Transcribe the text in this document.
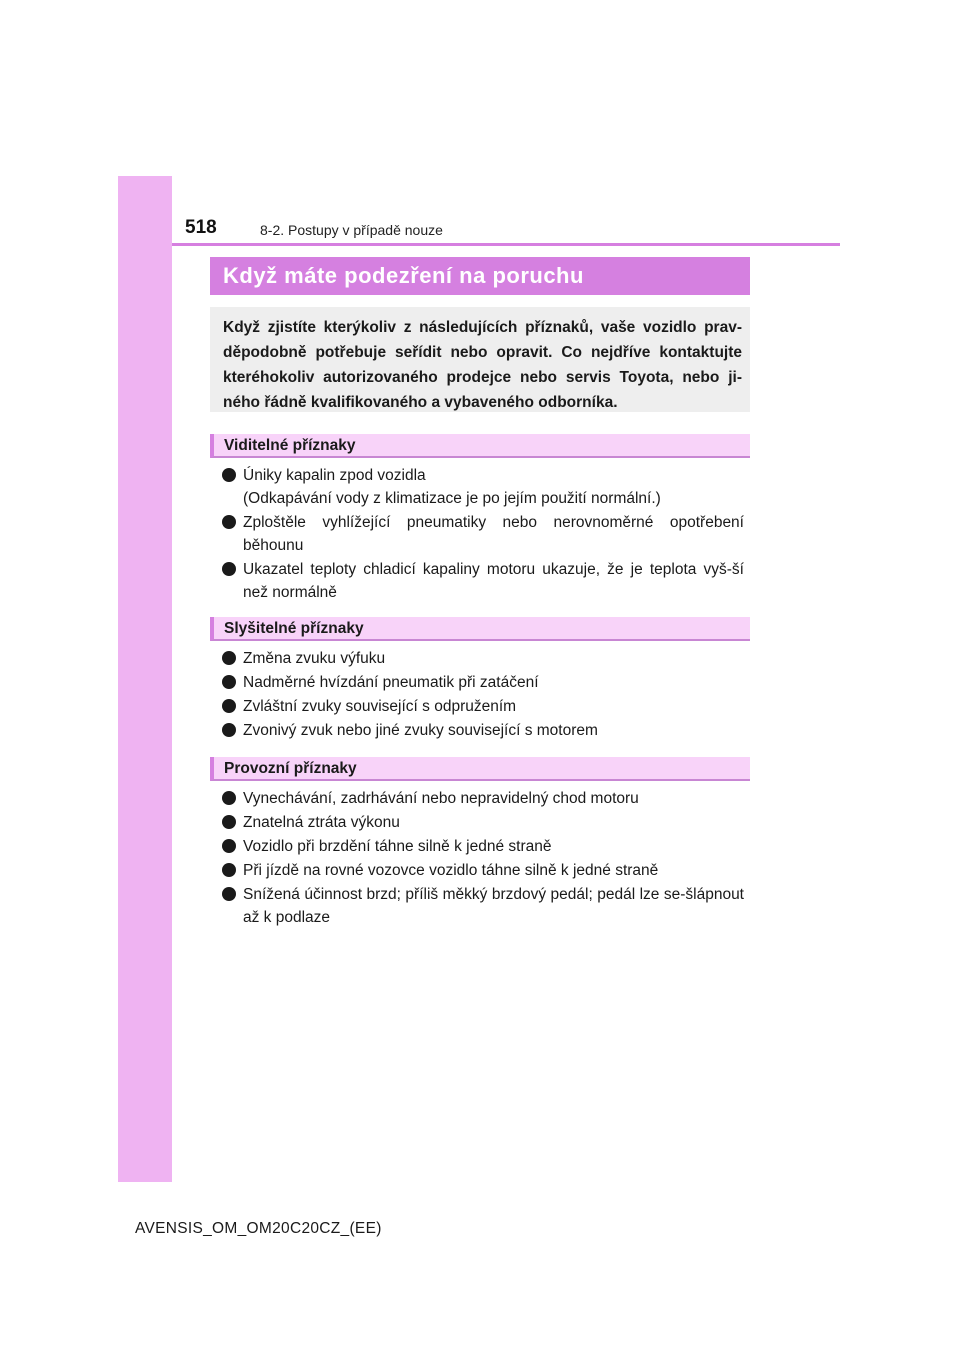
518	8-2. Postupy v případě nouze
Když máte podezření na poruchu
Když zjistíte kterýkoliv z následujících příznaků, vaše vozidlo prav-děpodobně potřebuje seřídit nebo opravit. Co nejdříve kontaktujte kteréhokoliv autorizovaného prodejce nebo servis Toyota, nebo ji-ného řádně kvalifikovaného a vybaveného odborníka.
Viditelné příznaky
Úniky kapalin zpod vozidla
(Odkapávání vody z klimatizace je po jejím použití normální.)
Zploštěle vyhlížející pneumatiky nebo nerovnoměrné opotřebení běhounu
Ukazatel teploty chladicí kapaliny motoru ukazuje, že je teplota vyš-ší než normálně
Slyšitelné příznaky
Změna zvuku výfuku
Nadměrné hvízdání pneumatik při zatáčení
Zvláštní zvuky související s odpružením
Zvonivý zvuk nebo jiné zvuky související s motorem
Provozní příznaky
Vynechávání, zadrhávání nebo nepravidelný chod motoru
Znatelná ztráta výkonu
Vozidlo při brzdění táhne silně k jedné straně
Při jízdě na rovné vozovce vozidlo táhne silně k jedné straně
Snížená účinnost brzd; příliš měkký brzdový pedál; pedál lze se-šlápnout až k podlaze
AVENSIS_OM_OM20C20CZ_(EE)
